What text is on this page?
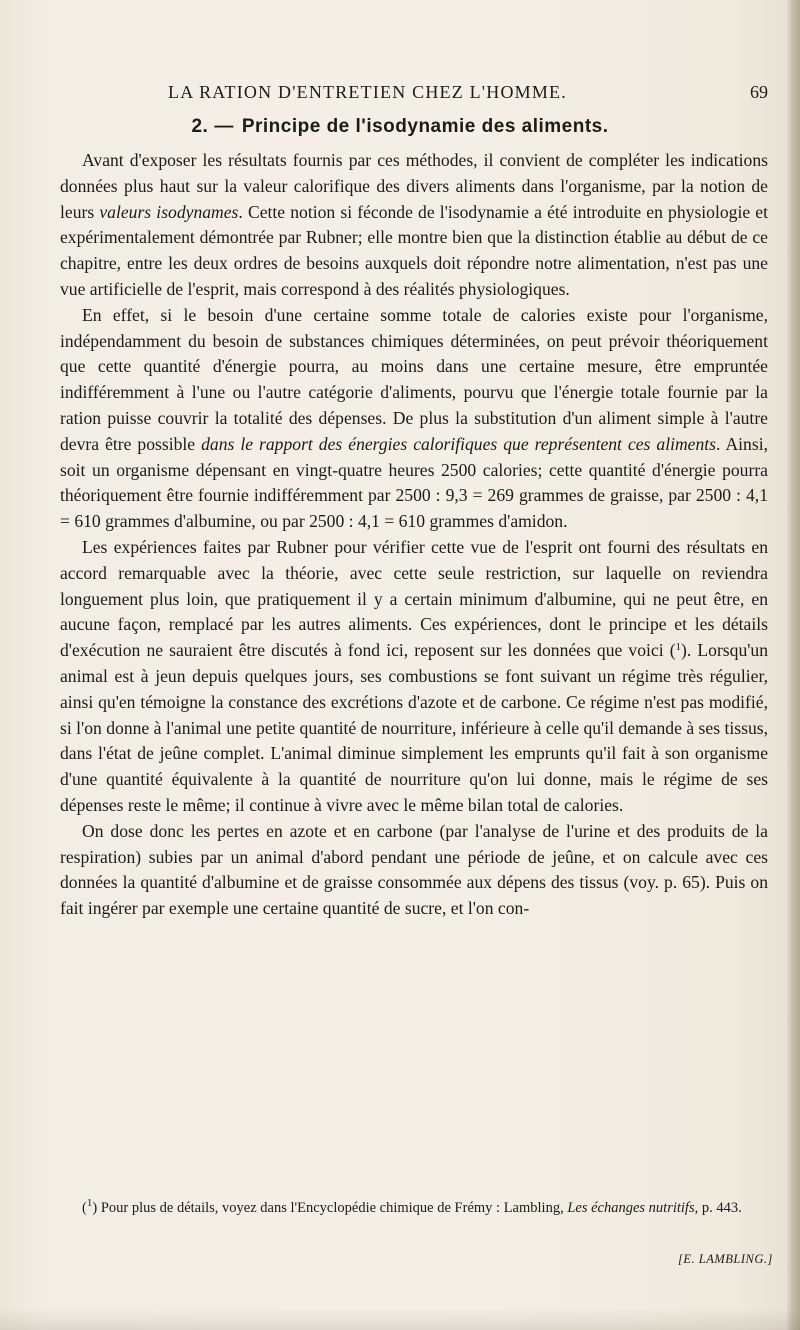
LA RATION D'ENTRETIEN CHEZ L'HOMME.	69
2. — Principe de l'isodynamie des aliments.

Avant d'exposer les résultats fournis par ces méthodes, il convient de compléter les indications données plus haut sur la valeur calorifique des divers aliments dans l'organisme, par la notion de leurs valeurs isodynames. Cette notion si féconde de l'isodynamie a été introduite en physiologie et expérimentalement démontrée par Rubner; elle montre bien que la distinction établie au début de ce chapitre, entre les deux ordres de besoins auxquels doit répondre notre alimentation, n'est pas une vue artificielle de l'esprit, mais correspond à des réalités physiologiques.

En effet, si le besoin d'une certaine somme totale de calories existe pour l'organisme, indépendamment du besoin de substances chimiques déterminées, on peut prévoir théoriquement que cette quantité d'énergie pourra, au moins dans une certaine mesure, être empruntée indifféremment à l'une ou l'autre catégorie d'aliments, pourvu que l'énergie totale fournie par la ration puisse couvrir la totalité des dépenses. De plus la substitution d'un aliment simple à l'autre devra être possible dans le rapport des énergies calorifiques que représentent ces aliments. Ainsi, soit un organisme dépensant en vingt-quatre heures 2500 calories; cette quantité d'énergie pourra théoriquement être fournie indifféremment par 2500 : 9,3 = 269 grammes de graisse, par 2500 : 4,1 = 610 grammes d'albumine, ou par 2500 : 4,1 = 610 grammes d'amidon.

Les expériences faites par Rubner pour vérifier cette vue de l'esprit ont fourni des résultats en accord remarquable avec la théorie, avec cette seule restriction, sur laquelle on reviendra longuement plus loin, que pratiquement il y a certain minimum d'albumine, qui ne peut être, en aucune façon, remplacé par les autres aliments. Ces expériences, dont le principe et les détails d'exécution ne sauraient être discutés à fond ici, reposent sur les données que voici ($^1$). Lorsqu'un animal est à jeun depuis quelques jours, ses combustions se font suivant un régime très régulier, ainsi qu'en témoigne la constance des excrétions d'azote et de carbone. Ce régime n'est pas modifié, si l'on donne à l'animal une petite quantité de nourriture, inférieure à celle qu'il demande à ses tissus, dans l'état de jeûne complet. L'animal diminue simplement les emprunts qu'il fait à son organisme d'une quantité équivalente à la quantité de nourriture qu'on lui donne, mais le régime de ses dépenses reste le même; il continue à vivre avec le même bilan total de calories.

On dose donc les pertes en azote et en carbone (par l'analyse de l'urine et des produits de la respiration) subies par un animal d'abord pendant une période de jeûne, et on calcule avec ces données la quantité d'albumine et de graisse consommée aux dépens des tissus (voy. p. 65). Puis on fait ingérer par exemple une certaine quantité de sucre, et l'on con-

($^1$) Pour plus de détails, voyez dans l'Encyclopédie chimique de Frémy : Lambling, Les échanges nutritifs, p. 443.

[E. LAMBLING.]
